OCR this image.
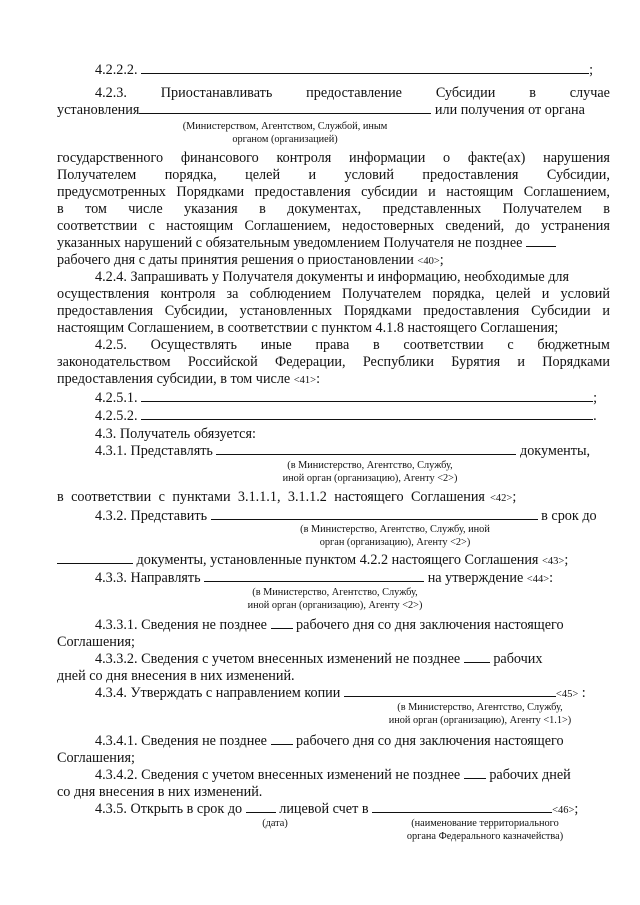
4.2.2.2.	;
4.2.3. Приостанавливать предоставление Субсидии в случае
установления	или получения от органа
(Министерством, Агентством, Службой, иным
органом (организацией)
государственного финансового контроля информации о факте(ах) нарушения
Получателем порядка, целей и условий предоставления Субсидии,
предусмотренных Порядками предоставления субсидии и настоящим Соглашением,
в том числе указания в документах, представленных Получателем в
соответствии с настоящим Соглашением, недостоверных сведений, до устранения
указанных нарушений с обязательным уведомлением Получателя не позднее
рабочего дня с даты принятия решения о приостановлении <40>;
4.2.4. Запрашивать у Получателя документы и информацию, необходимые для
осуществления контроля за соблюдением Получателем порядка, целей и условий
предоставления Субсидии, установленных Порядками предоставления Субсидии и
настоящим Соглашением, в соответствии с пунктом 4.1.8 настоящего Соглашения;
4.2.5. Осуществлять иные права в соответствии с бюджетным
законодательством Российской Федерации, Республики Бурятия и Порядками
предоставления субсидии, в том числе <41>:
4.2.5.1.	;
4.2.5.2.	.
4.3. Получатель обязуется:
4.3.1. Представлять	документы,
(в Министерство, Агентство, Службу,
иной орган (организацию), Агенту <2>)
в соответствии с пунктами 3.1.1.1, 3.1.1.2 настоящего Соглашения <42> ;
4.3.2. Представить	в срок до
(в Министерство, Агентство, Службу, иной
орган (организацию), Агенту <2>)
документы, установленные пунктом 4.2.2 настоящего Соглашения <43>;
4.3.3. Направлять	на утверждение <44>:
(в Министерство, Агентство, Службу,
иной орган (организацию), Агенту <2>)
4.3.3.1. Сведения не позднее рабочего дня со дня заключения настоящего
Соглашения;
4.3.3.2. Сведения с учетом внесенных изменений не позднее рабочих
дней со дня внесения в них изменений.
4.3.4. Утверждать с направлением копии	<45> :
(в Министерство, Агентство, Службу,
иной орган (организацию), Агенту <1.1>)
4.3.4.1. Сведения не позднее рабочего дня со дня заключения настоящего
Соглашения;
4.3.4.2. Сведения с учетом внесенных изменений не позднее рабочих дней
со дня внесения в них изменений.
4.3.5. Открыть в срок до	лицевой счет в	<46>;
(дата)	(наименование территориального
органа Федерального казначейства)
